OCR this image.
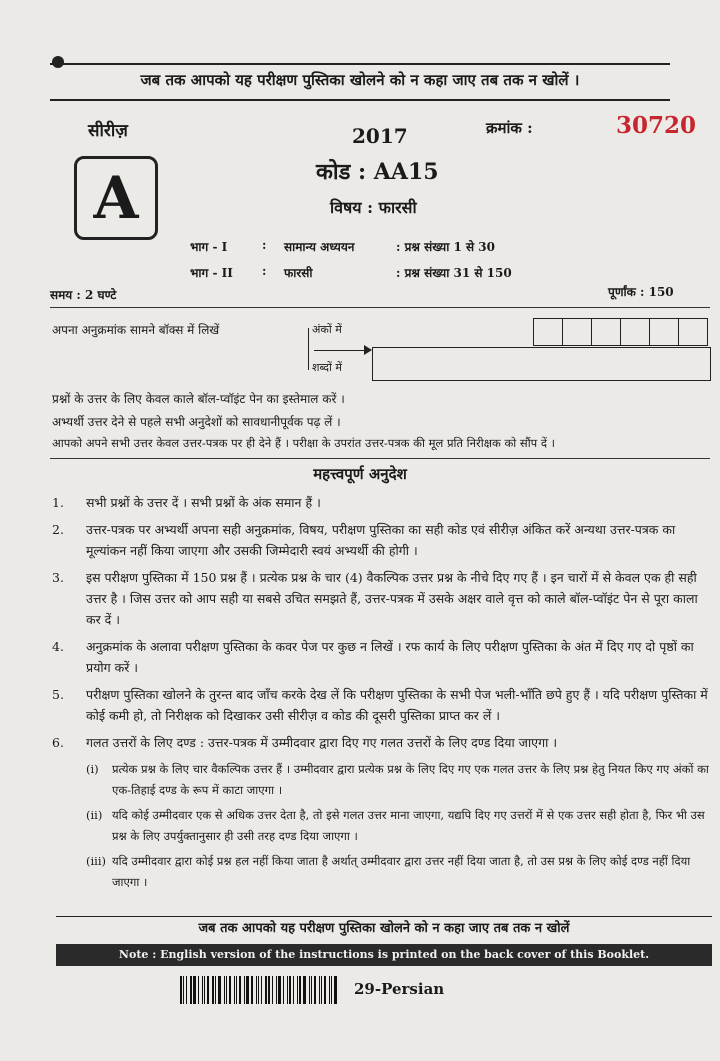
जब तक आपको यह परीक्षण पुस्तिका खोलने को न कहा जाए तब तक न खोलें ।
सीरीज़
A
2017	क्रमांक :	30720
कोड : AA15
विषय : फारसी
भाग - I	: सामान्य अध्ययन	: प्रश्न संख्या 1 से 30
भाग - II : फारसी	: प्रश्न संख्या 31 से 150
समय : 2 घण्टे	पूर्णांक : 150
अपना अनुक्रमांक सामने बॉक्स में लिखें	अंकों में
शब्दों में
प्रश्नों के उत्तर के लिए केवल काले बॉल-प्वॉइंट पेन का इस्तेमाल करें ।
अभ्यर्थी उत्तर देने से पहले सभी अनुदेशों को सावधानीपूर्वक पढ़ लें ।
आपको अपने सभी उत्तर केवल उत्तर-पत्रक पर ही देने हैं । परीक्षा के उपरांत उत्तर-पत्रक की मूल प्रति निरीक्षक को सौंप दें ।
महत्त्वपूर्ण अनुदेश
1.	सभी प्रश्नों के उत्तर दें । सभी प्रश्नों के अंक समान हैं ।
2.	उत्तर-पत्रक पर अभ्यर्थी अपना सही अनुक्रमांक, विषय, परीक्षण पुस्तिका का सही कोड एवं सीरीज़ अंकित करें अन्यथा उत्तर-पत्रक का मूल्यांकन नहीं किया जाएगा और उसकी जिम्मेदारी स्वयं अभ्यर्थी की होगी ।
3.	इस परीक्षण पुस्तिका में 150 प्रश्न हैं । प्रत्येक प्रश्न के चार (4) वैकल्पिक उत्तर प्रश्न के नीचे दिए गए हैं । इन चारों में से केवल एक ही सही उत्तर है । जिस उत्तर को आप सही या सबसे उचित समझते हैं, उत्तर-पत्रक में उसके अक्षर वाले वृत्त को काले बॉल-प्वॉइंट पेन से पूरा काला कर दें ।
4.	अनुक्रमांक के अलावा परीक्षण पुस्तिका के कवर पेज पर कुछ न लिखें । रफ कार्य के लिए परीक्षण पुस्तिका के अंत में दिए गए दो पृष्ठों का प्रयोग करें ।
5.	परीक्षण पुस्तिका खोलने के तुरन्त बाद जाँच करके देख लें कि परीक्षण पुस्तिका के सभी पेज भली-भाँति छपे हुए हैं । यदि परीक्षण पुस्तिका में कोई कमी हो, तो निरीक्षक को दिखाकर उसी सीरीज़ व कोड की दूसरी पुस्तिका प्राप्त कर लें ।
6.	गलत उत्तरों के लिए दण्ड : उत्तर-पत्रक में उम्मीदवार द्वारा दिए गए गलत उत्तरों के लिए दण्ड दिया जाएगा ।
(i)	प्रत्येक प्रश्न के लिए चार वैकल्पिक उत्तर हैं । उम्मीदवार द्वारा प्रत्येक प्रश्न के लिए दिए गए एक गलत उत्तर के लिए प्रश्न हेतु नियत किए गए अंकों का एक-तिहाई दण्ड के रूप में काटा जाएगा ।
(ii) यदि कोई उम्मीदवार एक से अधिक उत्तर देता है, तो इसे गलत उत्तर माना जाएगा, यद्यपि दिए गए उत्तरों में से एक उत्तर सही होता है, फिर भी उस प्रश्न के लिए उपर्युक्तानुसार ही उसी तरह दण्ड दिया जाएगा ।
(iii) यदि उम्मीदवार द्वारा कोई प्रश्न हल नहीं किया जाता है अर्थात् उम्मीदवार द्वारा उत्तर नहीं दिया जाता है, तो उस प्रश्न के लिए कोई दण्ड नहीं दिया जाएगा ।
जब तक आपको यह परीक्षण पुस्तिका खोलने को न कहा जाए तब तक न खोलें
Note : English version of the instructions is printed on the back cover of this Booklet.
29-Persian
